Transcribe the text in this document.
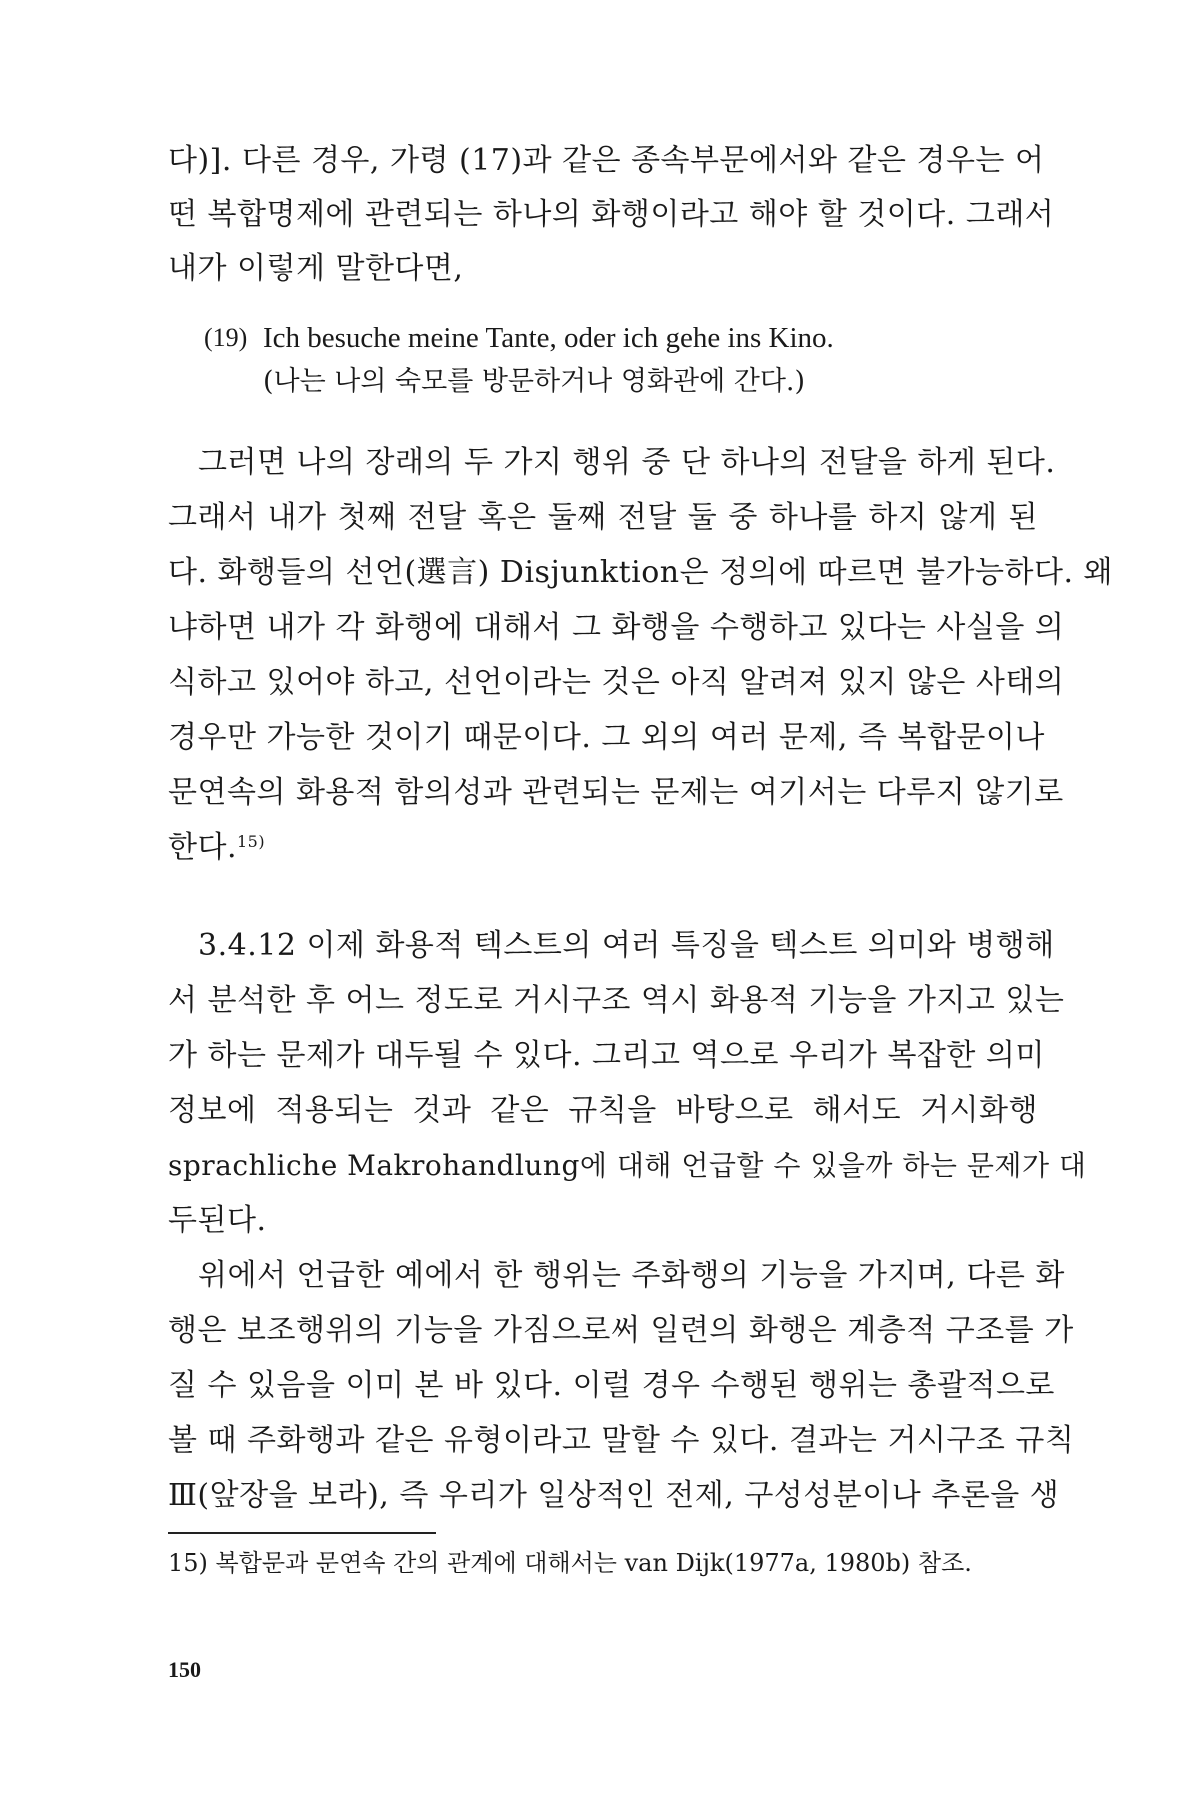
다)]. 다른 경우, 가령 (17)과 같은 종속부문에서와 같은 경우는 어
떤 복합명제에 관련되는 하나의 화행이라고 해야 할 것이다. 그래서
내가 이렇게 말한다면,
(19) Ich besuche meine Tante, oder ich gehe ins Kino.
(나는 나의 숙모를 방문하거나 영화관에 간다.)
그러면 나의 장래의 두 가지 행위 중 단 하나의 전달을 하게 된다.
그래서 내가 첫째 전달 혹은 둘째 전달 둘 중 하나를 하지 않게 된
다. 화행들의 선언(選言) Disjunktion은 정의에 따르면 불가능하다. 왜
냐하면 내가 각 화행에 대해서 그 화행을 수행하고 있다는 사실을 의
식하고 있어야 하고, 선언이라는 것은 아직 알려져 있지 않은 사태의
경우만 가능한 것이기 때문이다. 그 외의 여러 문제, 즉 복합문이나
문연속의 화용적 함의성과 관련되는 문제는 여기서는 다루지 않기로
한다.$^{15)}$
3.4.12 이제 화용적 텍스트의 여러 특징을 텍스트 의미와 병행해
서 분석한 후 어느 정도로 거시구조 역시 화용적 기능을 가지고 있는
가 하는 문제가 대두될 수 있다. 그리고 역으로 우리가 복잡한 의미
정보에 적용되는 것과 같은 규칙을 바탕으로 해서도 거시화행
sprachliche Makrohandlung에 대해 언급할 수 있을까 하는 문제가 대
두된다.
위에서 언급한 예에서 한 행위는 주화행의 기능을 가지며, 다른 화
행은 보조행위의 기능을 가짐으로써 일련의 화행은 계층적 구조를 가
질 수 있음을 이미 본 바 있다. 이럴 경우 수행된 행위는 총괄적으로
볼 때 주화행과 같은 유형이라고 말할 수 있다. 결과는 거시구조 규칙
Ⅲ(앞장을 보라), 즉 우리가 일상적인 전제, 구성성분이나 추론을 생
15) 복합문과 문연속 간의 관계에 대해서는 van Dijk(1977a, 1980b) 참조.
150
